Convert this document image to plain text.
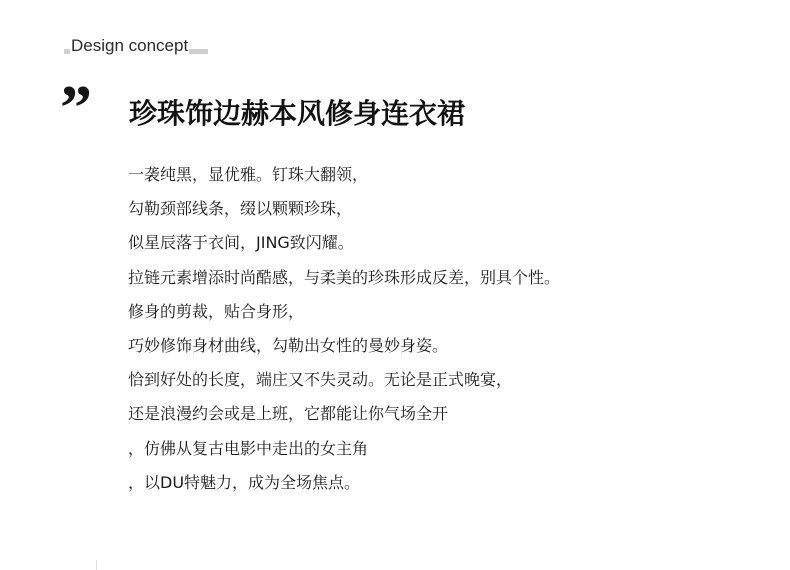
Design concept
” 珍珠饰边赫本风修身连衣裙
一袭纯黑，显优雅。钉珠大翻领，
勾勒颈部线条，缀以颗颗珍珠，
似星辰落于衣间，JING致闪耀。
拉链元素增添时尚酷感，与柔美的珍珠形成反差，别具个性。
修身的剪裁，贴合身形，
巧妙修饰身材曲线，勾勒出女性的曼妙身姿。
恰到好处的长度，端庄又不失灵动。无论是正式晚宴，
还是浪漫约会或是上班，它都能让你气场全开
，仿佛从复古电影中走出的女主角
，以DU特魅力，成为全场焦点。
